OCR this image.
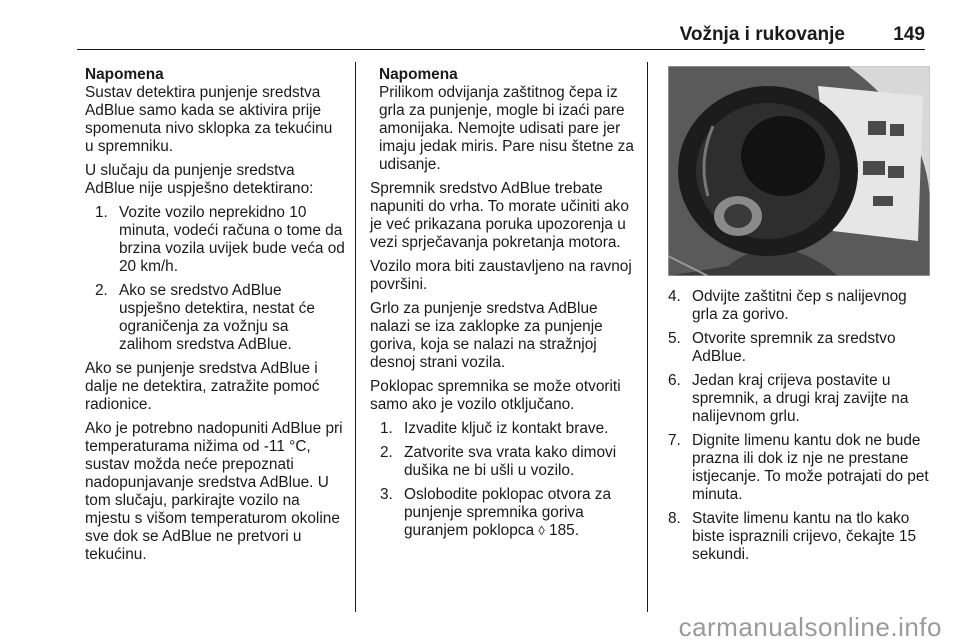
Vožnja i rukovanje	149

Napomena

Sustav detektira punjenje sredstva AdBlue samo kada se aktivira prije spomenuta nivo sklopka za tekućinu u spremniku.

U slučaju da punjenje sredstva AdBlue nije uspješno detektirano:

1. Vozite vozilo neprekidno 10 minuta, vodeći računa o tome da brzina vozila uvijek bude veća od 20 km/h.
2. Ako se sredstvo AdBlue uspješno detektira, nestat će ograničenja za vožnju sa zalihom sredstva AdBlue.

Ako se punjenje sredstva AdBlue i dalje ne detektira, zatražite pomoć radionice.

Ako je potrebno nadopuniti AdBlue pri temperaturama nižima od -11 °C, sustav možda neće prepoznati nadopunjavanje sredstva AdBlue. U tom slučaju, parkirajte vozilo na mjestu s višom temperaturom okoline sve dok se AdBlue ne pretvori u tekućinu.

Napomena

Prilikom odvijanja zaštitnog čepa iz grla za punjenje, mogle bi izaći pare amonijaka. Nemojte udisati pare jer imaju jedak miris. Pare nisu štetne za udisanje.

Spremnik sredstvo AdBlue trebate napuniti do vrha. To morate učiniti ako je već prikazana poruka upozorenja u vezi sprječavanja pokretanja motora.

Vozilo mora biti zaustavljeno na ravnoj površini.

Grlo za punjenje sredstva AdBlue nalazi se iza zaklopke za punjenje goriva, koja se nalazi na stražnjoj desnoj strani vozila.

Poklopac spremnika se može otvoriti samo ako je vozilo otključano.

1. Izvadite ključ iz kontakt brave.
2. Zatvorite sva vrata kako dimovi dušika ne bi ušli u vozilo.
3. Oslobodite poklopac otvora za punjenje spremnika goriva guranjem poklopca ◊ 185.
4. Odvijte zaštitni čep s nalijevnog grla za gorivo.
5. Otvorite spremnik za sredstvo AdBlue.
6. Jedan kraj crijeva postavite u spremnik, a drugi kraj zavijte na nalijevnom grlu.
7. Dignite limenu kantu dok ne bude prazna ili dok iz nje ne prestane istjecanje. To može potrajati do pet minuta.
8. Stavite limenu kantu na tlo kako biste ispraznili crijevo, čekajte 15 sekundi.
carmanualsonline.info
